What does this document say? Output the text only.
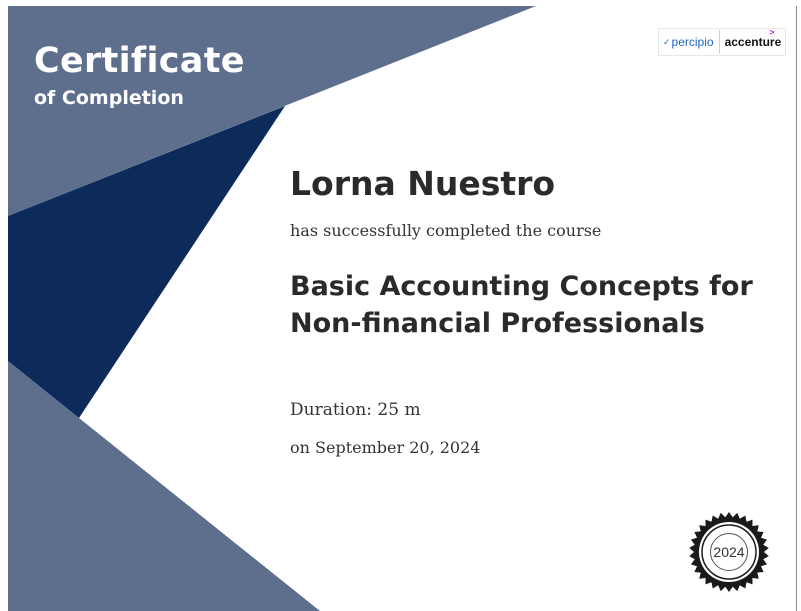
Certificate
of Completion
✓ percipio
>
accenture
Lorna Nuestro
has successfully completed the course
Basic Accounting Concepts for Non-financial Professionals
Duration: 25 m
on September 20, 2024
2024
